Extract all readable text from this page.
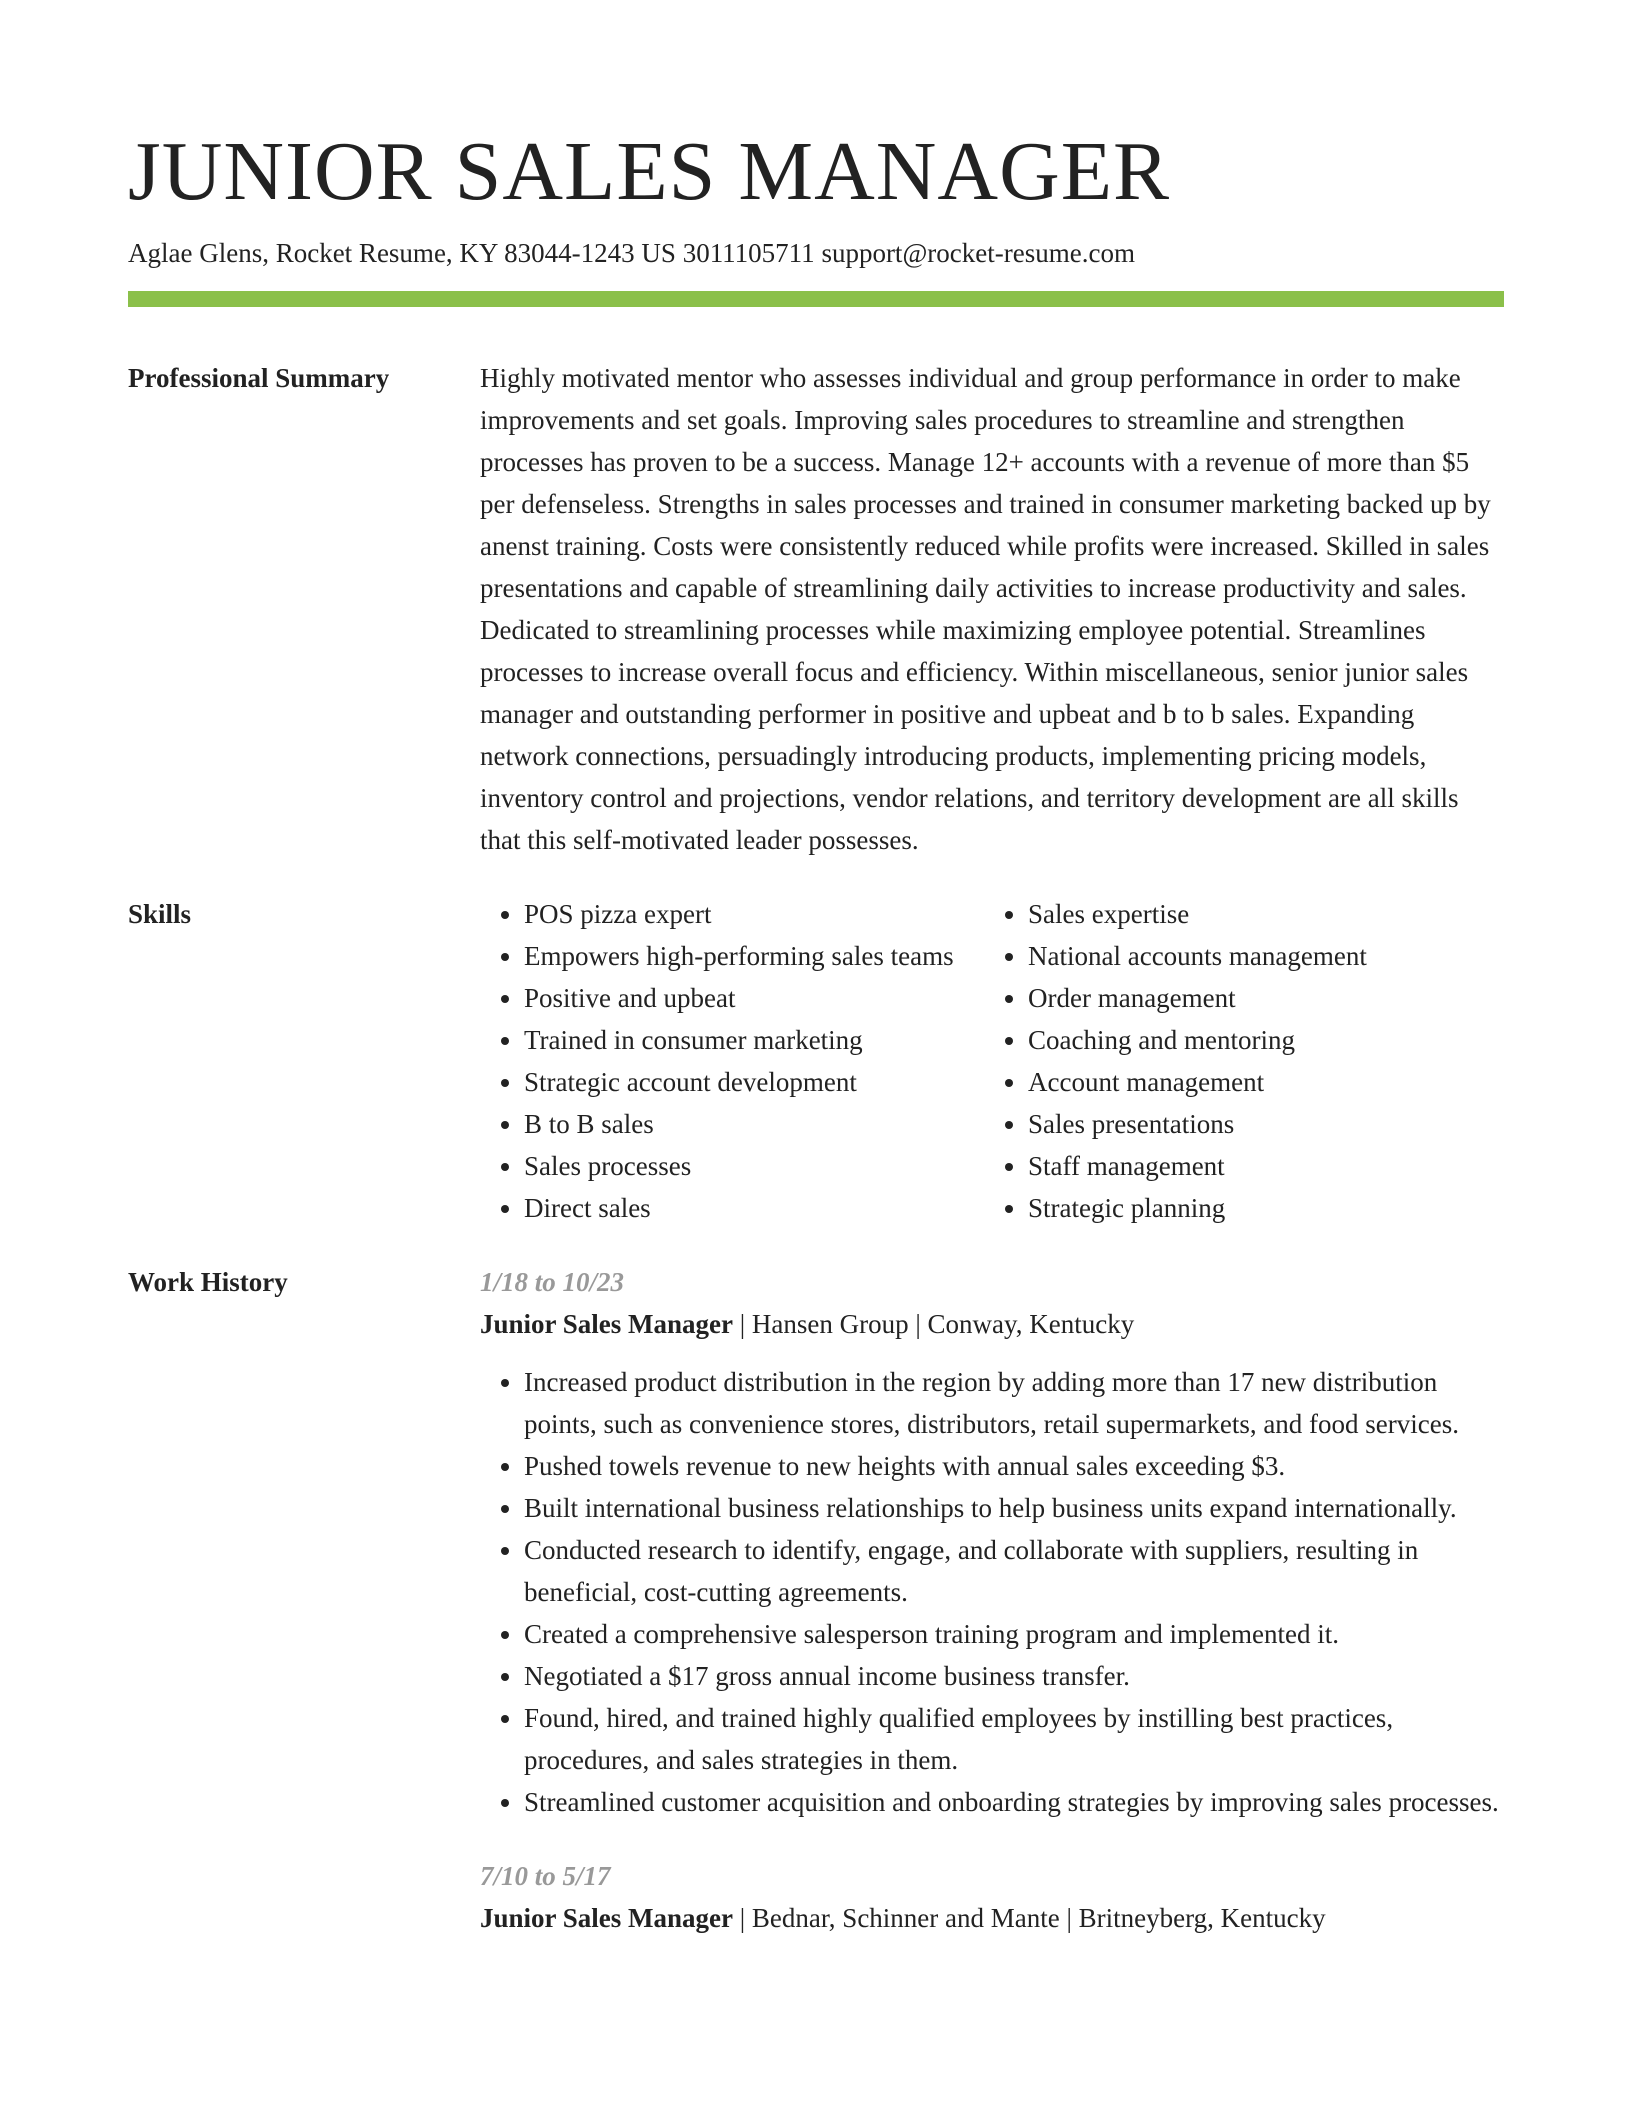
JUNIOR SALES MANAGER
Aglae Glens, Rocket Resume, KY 83044-1243 US 3011105711 support@rocket-resume.com
Professional Summary	Highly motivated mentor who assesses individual and group performance in order to make improvements and set goals. Improving sales procedures to streamline and strengthen processes has proven to be a success. Manage 12+ accounts with a revenue of more than $5 per defenseless. Strengths in sales processes and trained in consumer marketing backed up by anenst training. Costs were consistently reduced while profits were increased. Skilled in sales presentations and capable of streamlining daily activities to increase productivity and sales. Dedicated to streamlining processes while maximizing employee potential. Streamlines processes to increase overall focus and efficiency. Within miscellaneous, senior junior sales manager and outstanding performer in positive and upbeat and b to b sales. Expanding network connections, persuadingly introducing products, implementing pricing models, inventory control and projections, vendor relations, and territory development are all skills that this self-motivated leader possesses.
Skills
•	POS pizza expert
• Empowers high-performing sales teams
• Positive and upbeat
• Trained in consumer marketing
• Strategic account development
• B to B sales
• Sales processes
• Direct sales
• Sales expertise
• National accounts management
• Order management
• Coaching and mentoring
• Account management
• Sales presentations
• Staff management
• Strategic planning
Work History	1/18 to 10/23
Junior Sales Manager | Hansen Group | Conway, Kentucky
• Increased product distribution in the region by adding more than 17 new distribution points, such as convenience stores, distributors, retail supermarkets, and food services.
• Pushed towels revenue to new heights with annual sales exceeding $3.
• Built international business relationships to help business units expand internationally.
• Conducted research to identify, engage, and collaborate with suppliers, resulting in beneficial, cost-cutting agreements.
• Created a comprehensive salesperson training program and implemented it.
• Negotiated a $17 gross annual income business transfer.
• Found, hired, and trained highly qualified employees by instilling best practices, procedures, and sales strategies in them.
• Streamlined customer acquisition and onboarding strategies by improving sales processes.
7/10 to 5/17
Junior Sales Manager | Bednar, Schinner and Mante | Britneyberg, Kentucky
